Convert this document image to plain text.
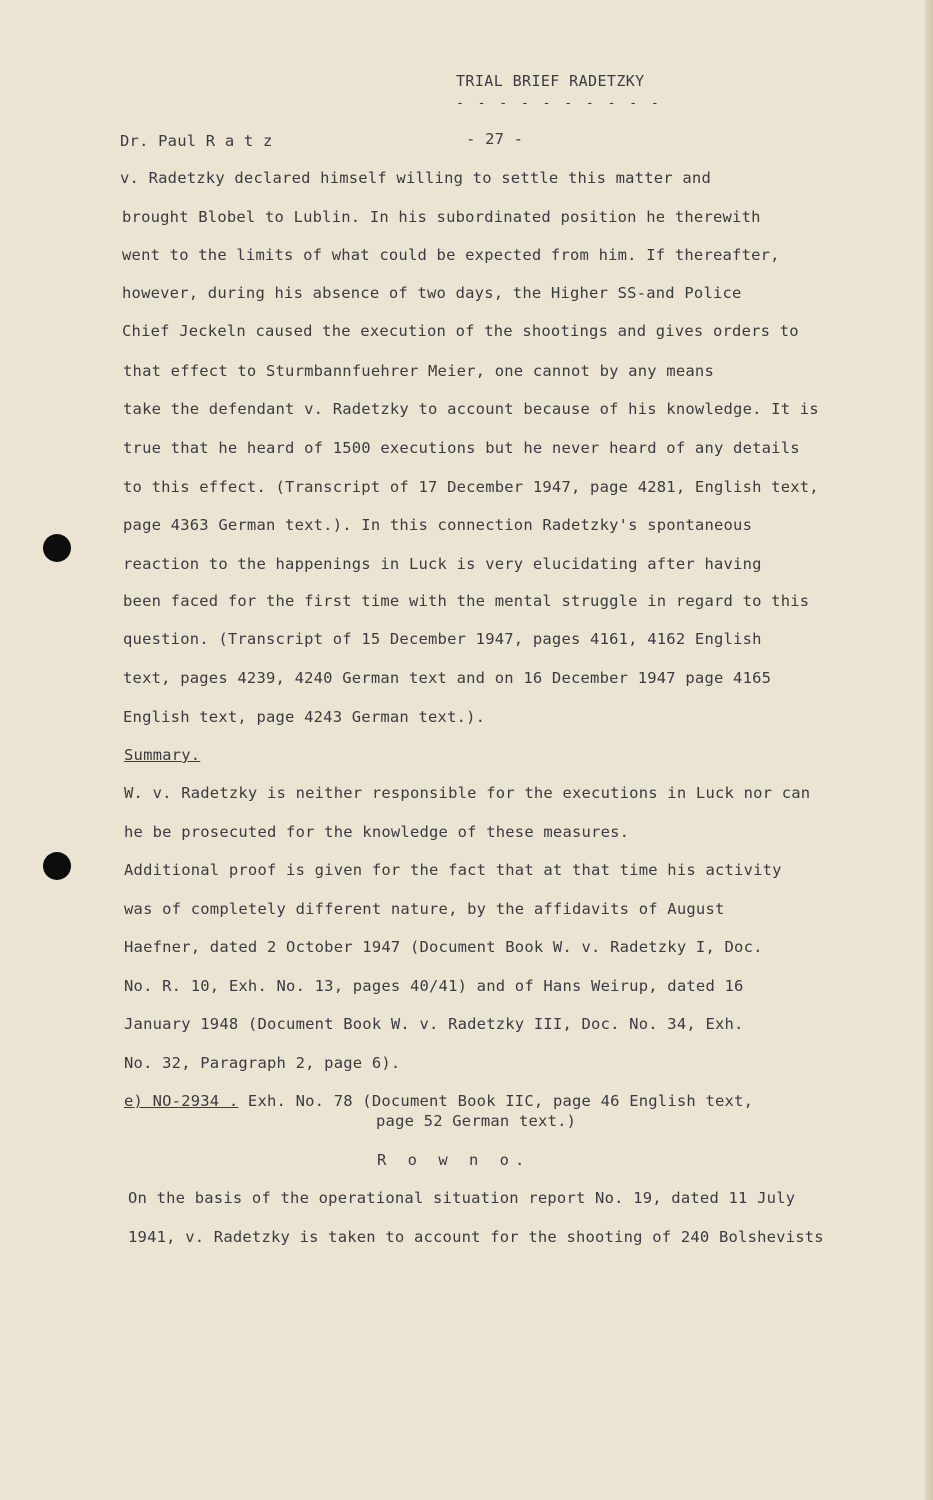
TRIAL BRIEF RADETZKY
- - - - - - - - - -
Dr. Paul R a t z	- 27 -
v. Radetzky declared himself willing to settle this matter and
brought Blobel to Lublin. In his subordinated position he therewith
went to the limits of what could be expected from him. If thereafter,
however, during his absence of two days, the Higher SS-and Police
Chief Jeckeln caused the execution of the shootings and gives orders to
that effect to Sturmbannfuehrer Meier, one cannot by any means
take the defendant v. Radetzky to account because of his knowledge. It is
true that he heard of 1500 executions but he never heard of any details
to this effect. (Transcript of 17 December 1947, page 4281, English text,
page 4363 German text.). In this connection Radetzky's spontaneous
reaction to the happenings in Luck is very elucidating after having
been faced for the first time with the mental struggle in regard to this
question. (Transcript of 15 December 1947, pages 4161, 4162 English
text, pages 4239, 4240 German text and on 16 December 1947 page 4165
English text, page 4243 German text.).
Summary.
W. v. Radetzky is neither responsible for the executions in Luck nor can
he be prosecuted for the knowledge of these measures.
Additional proof is given for the fact that at that time his activity
was of completely different nature, by the affidavits of August
Haefner, dated 2 October 1947 (Document Book W. v. Radetzky I, Doc.
No. R. 10, Exh. No. 13, pages 40/41) and of Hans Weirup, dated 16
January 1948 (Document Book W. v. Radetzky III, Doc. No. 34, Exh.
No. 32, Paragraph 2, page 6).
e) NO-2934 . Exh. No. 78 (Document Book IIC, page 46 English text,
page 52 German text.)
R o w n o.
On the basis of the operational situation report No. 19, dated 11 July
1941, v. Radetzky is taken to account for the shooting of 240 Bolshevists
